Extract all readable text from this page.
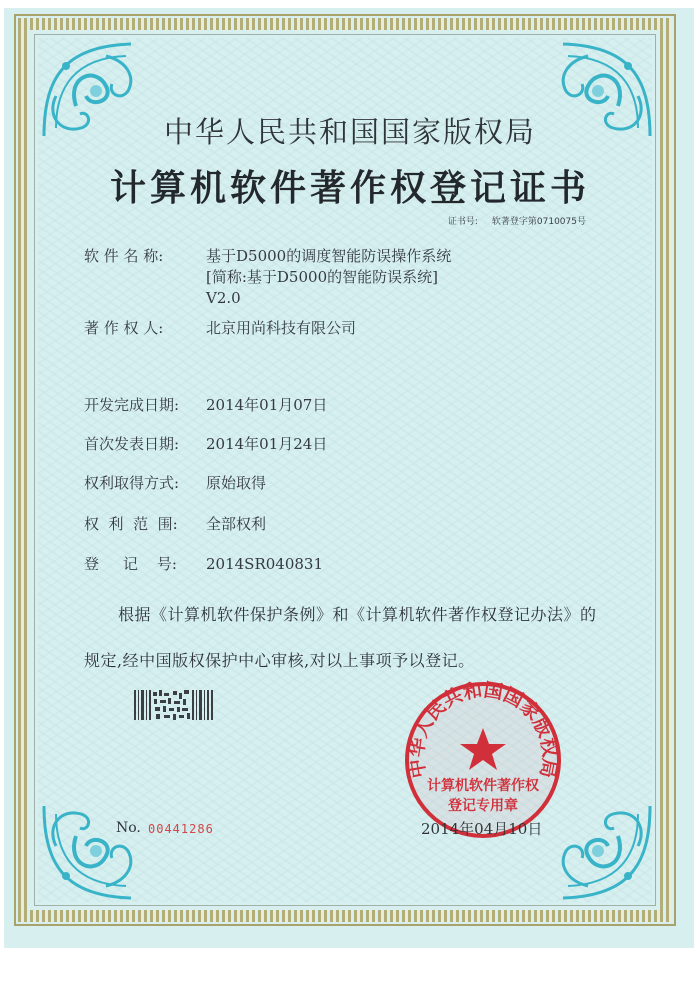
中华人民共和国国家版权局
计算机软件著作权登记证书
证书号: 软著登字第0710075号
软 件 名 称:	基于D5000的调度智能防误操作系统
[简称:基于D5000的智能防误系统]
V2.0
著 作 权 人:	北京用尚科技有限公司
开发完成日期:	2014年01月07日
首次发表日期:	2014年01月24日
权利取得方式:	原始取得
权  利  范  围:	全部权利
登     记    号:	2014SR040831
根据《计算机软件保护条例》和《计算机软件著作权登记办法》的
规定,经中国版权保护中心审核,对以上事项予以登记。
中华人民共和国国家版权局
计算机软件著作权
登记专用章
No. 00441286	2014年04月10日
